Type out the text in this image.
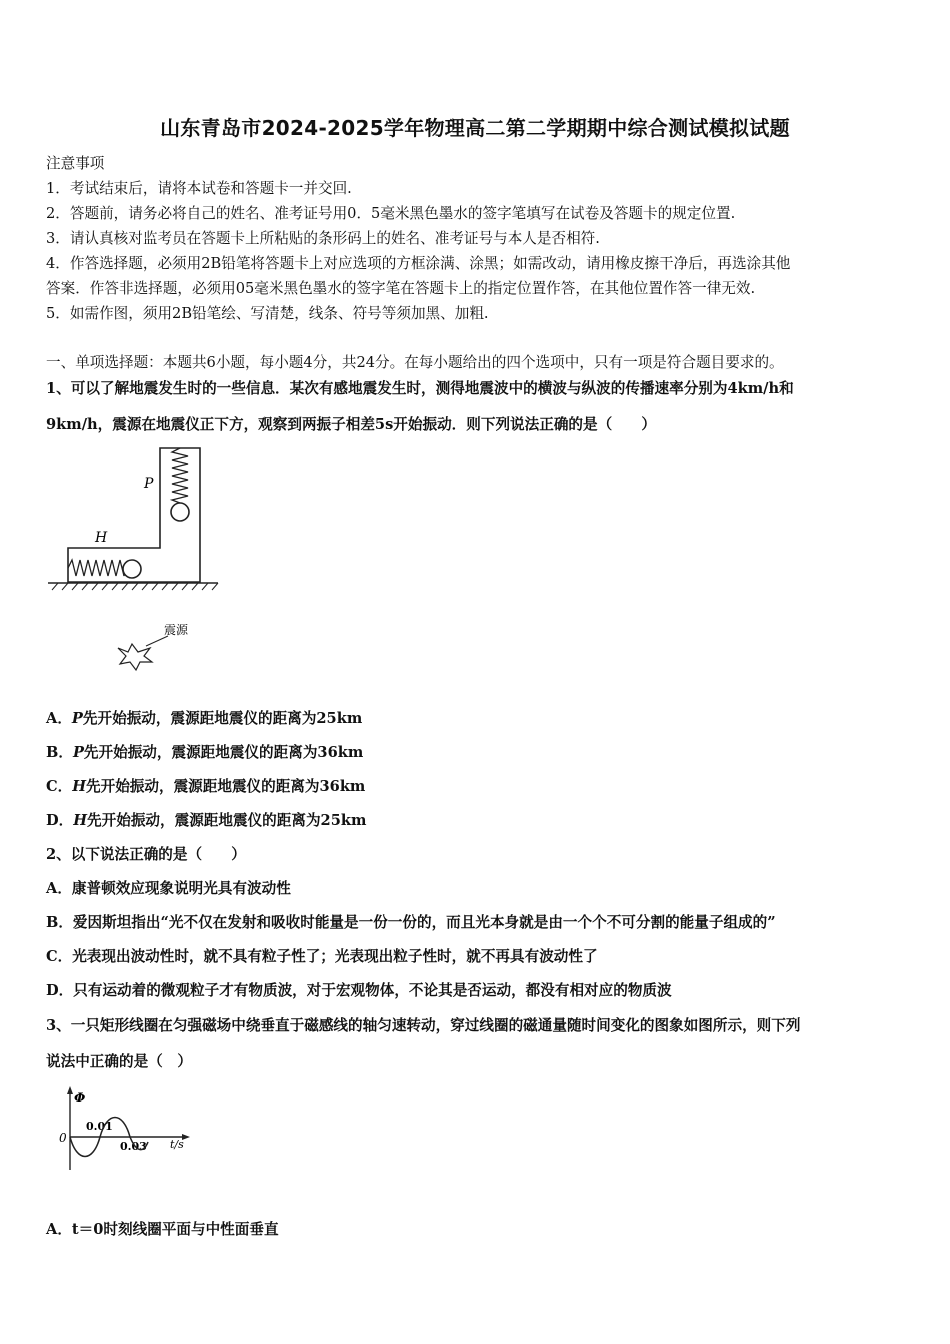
山东青岛市2024-2025学年物理高二第二学期期中综合测试模拟试题
注意事项
1．考试结束后，请将本试卷和答题卡一并交回.
2．答题前，请务必将自己的姓名、准考证号用0．5毫米黑色墨水的签字笔填写在试卷及答题卡的规定位置.
3．请认真核对监考员在答题卡上所粘贴的条形码上的姓名、准考证号与本人是否相符.
4．作答选择题，必须用2B铅笔将答题卡上对应选项的方框涂满、涂黑；如需改动，请用橡皮擦干净后，再选涂其他
答案．作答非选择题，必须用05毫米黑色墨水的签字笔在答题卡上的指定位置作答，在其他位置作答一律无效.
5．如需作图，须用2B铅笔绘、写清楚，线条、符号等须加黑、加粗.
一、单项选择题：本题共6小题，每小题4分，共24分。在每小题给出的四个选项中，只有一项是符合题目要求的。
1、可以了解地震发生时的一些信息．某次有感地震发生时，测得地震波中的横波与纵波的传播速率分别为4km/h和
9km/h，震源在地震仪正下方，观察到两振子相差5s开始振动．则下列说法正确的是（　　）
P
H
震源
A．P先开始振动，震源距地震仪的距离为25km
B．P先开始振动，震源距地震仪的距离为36km
C．H先开始振动，震源距地震仪的距离为36km
D．H先开始振动，震源距地震仪的距离为25km
2、以下说法正确的是（　　）
A．康普顿效应现象说明光具有波动性
B．爱因斯坦指出“光不仅在发射和吸收时能量是一份一份的，而且光本身就是由一个个不可分割的能量子组成的”
C．光表现出波动性时，就不具有粒子性了；光表现出粒子性时，就不再具有波动性了
D．只有运动着的微观粒子才有物质波，对于宏观物体，不论其是否运动，都没有相对应的物质波
3、一只矩形线圈在匀强磁场中绕垂直于磁感线的轴匀速转动，穿过线圈的磁通量随时间变化的图象如图所示，则下列
说法中正确的是（　）
Φ
0
0.01
0.03 t/s
A．t＝0时刻线圈平面与中性面垂直
